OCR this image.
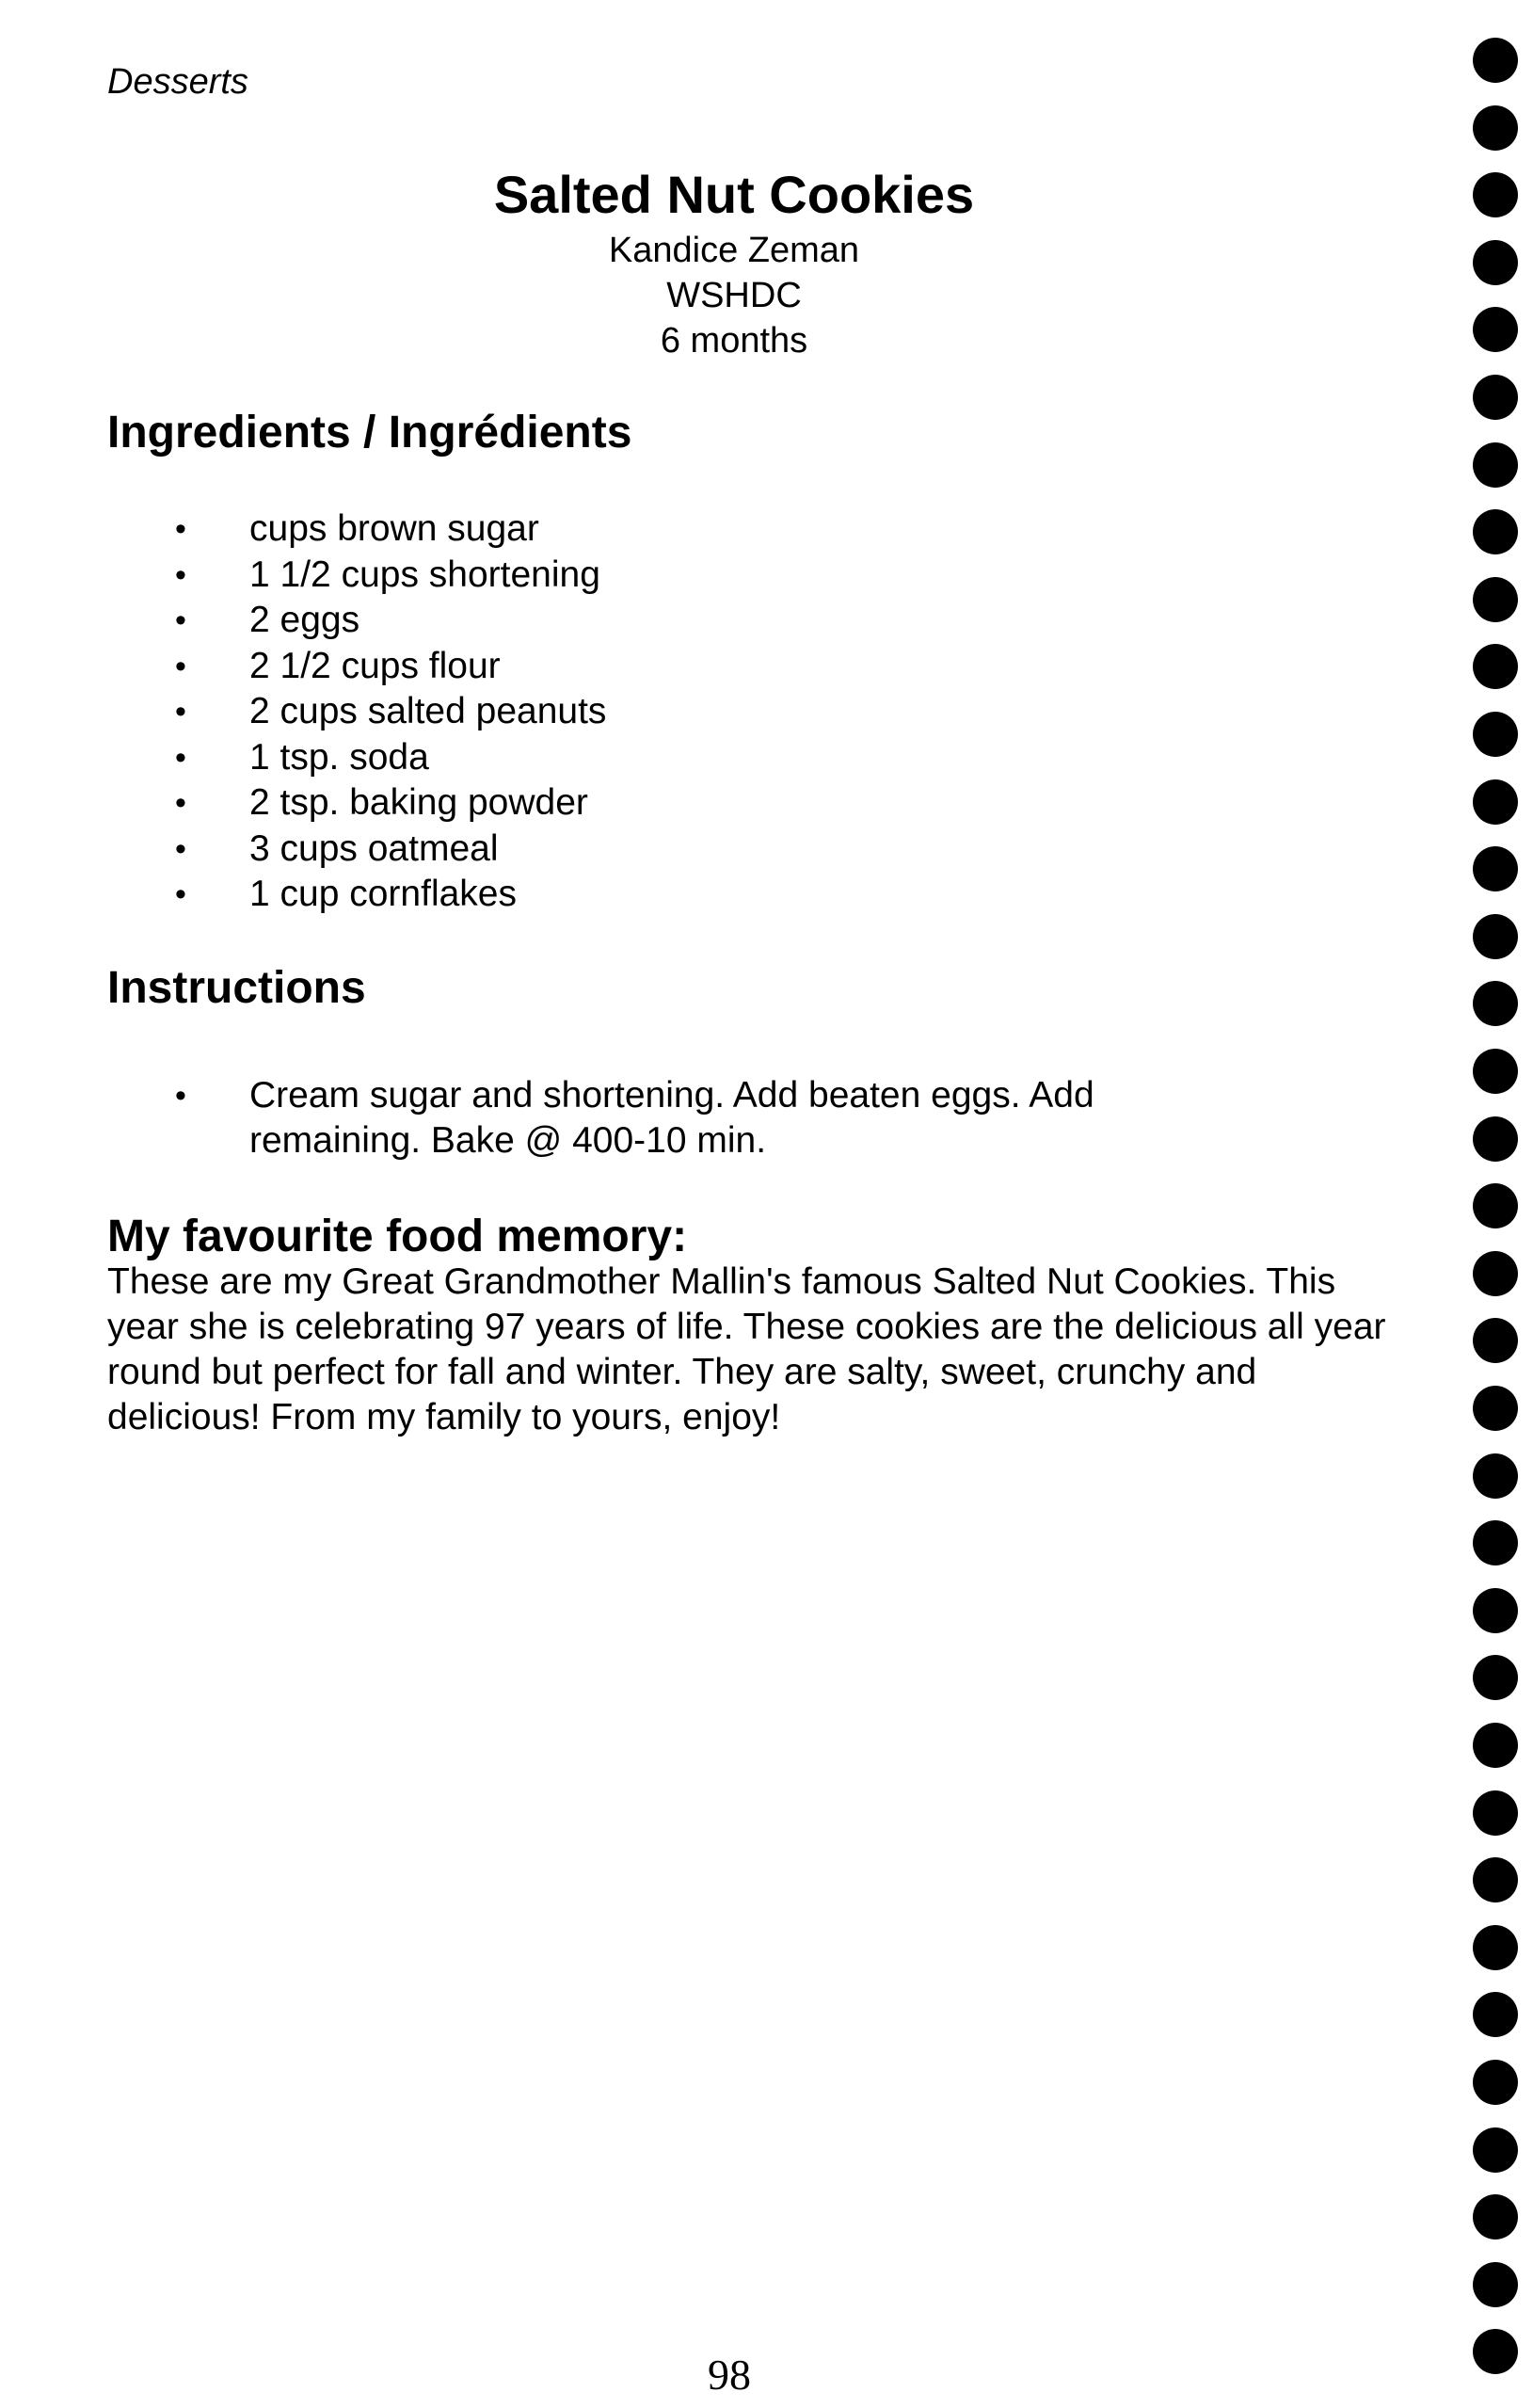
Desserts
Salted Nut Cookies
Kandice Zeman
WSHDC
6 months
Ingredients / Ingrédients
• cups brown sugar
• 1 1/2 cups shortening
• 2 eggs
• 2 1/2 cups flour
• 2 cups salted peanuts
• 1 tsp. soda
• 2 tsp. baking powder
• 3 cups oatmeal
• 1 cup cornflakes
Instructions
• Cream sugar and shortening. Add beaten eggs. Add remaining. Bake @ 400-10 min.
My favourite food memory:
These are my Great Grandmother Mallin's famous Salted Nut Cookies. This year she is celebrating 97 years of life. These cookies are the delicious all year round but perfect for fall and winter. They are salty, sweet, crunchy and delicious! From my family to yours, enjoy!
98
